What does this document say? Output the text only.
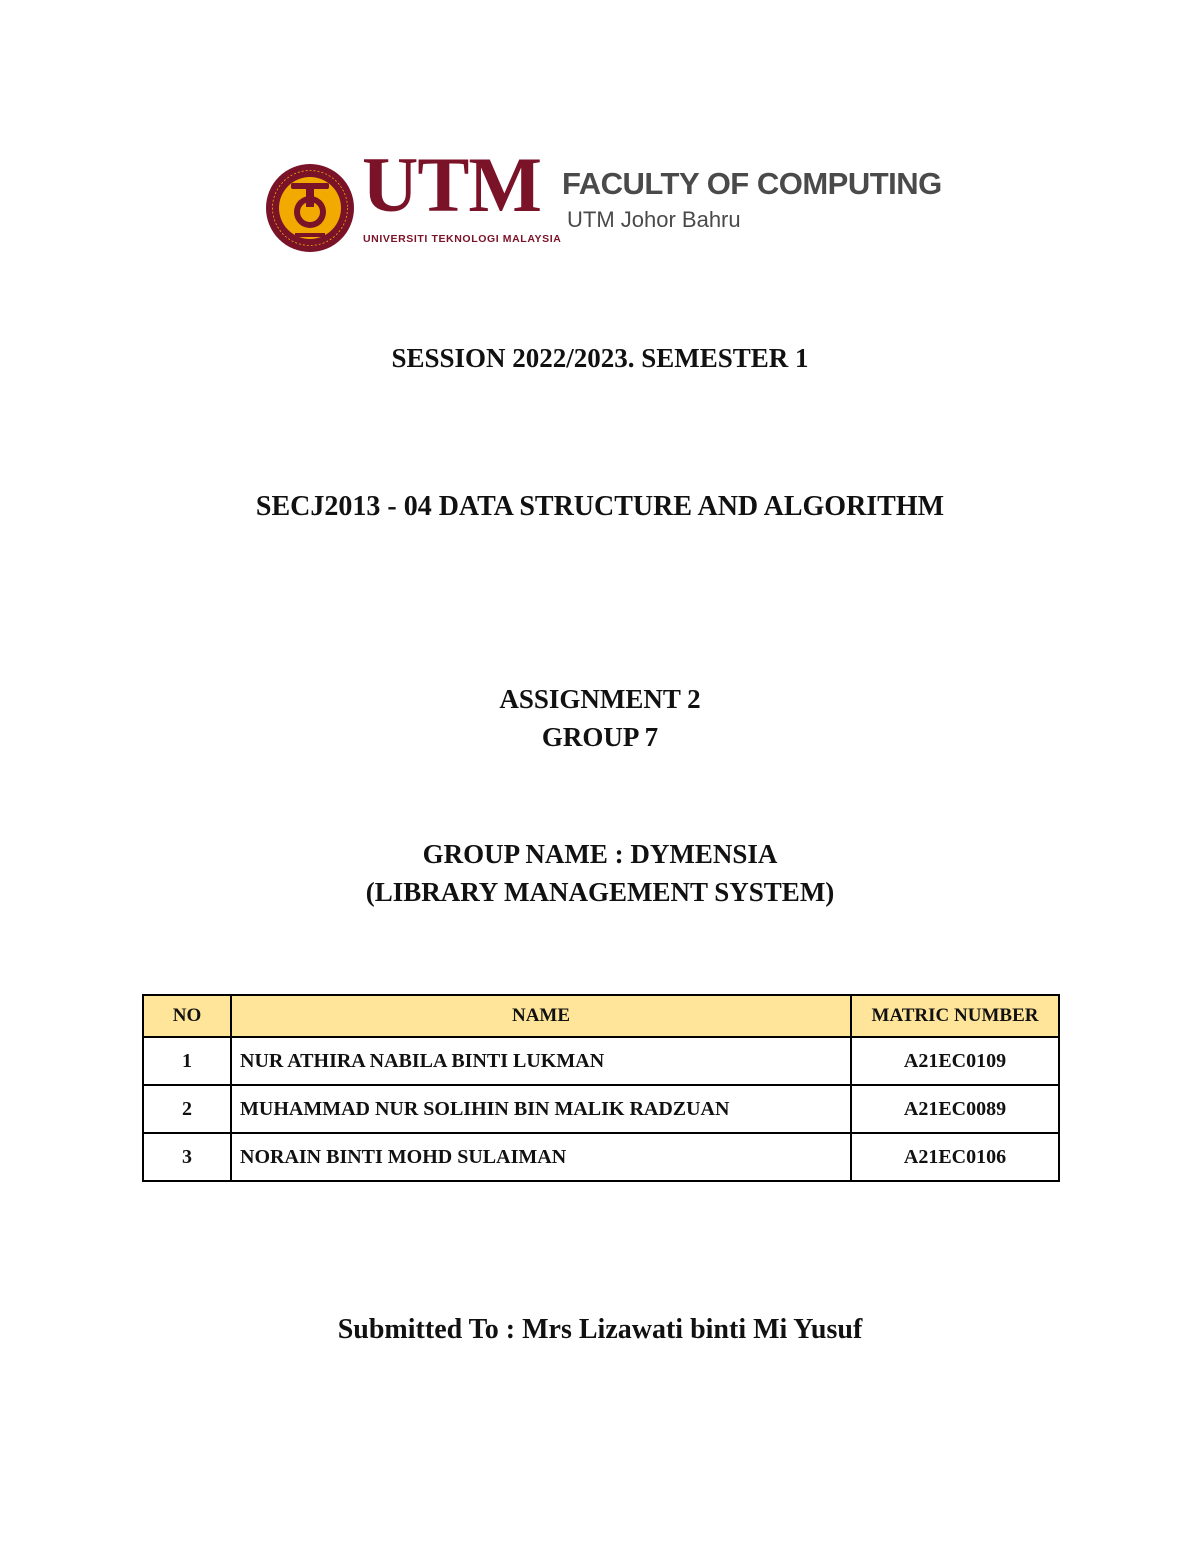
UTM
UNIVERSITI TEKNOLOGI MALAYSIA
FACULTY OF COMPUTING
UTM Johor Bahru
SESSION 2022/2023. SEMESTER 1
SECJ2013 - 04 DATA STRUCTURE AND ALGORITHM
ASSIGNMENT 2
GROUP 7
GROUP NAME : DYMENSIA
(LIBRARY MANAGEMENT SYSTEM)
NO	NAME	MATRIC NUMBER
1	NUR ATHIRA NABILA BINTI LUKMAN	A21EC0109
2	MUHAMMAD NUR SOLIHIN BIN MALIK RADZUAN	A21EC0089
3	NORAIN BINTI MOHD SULAIMAN	A21EC0106
Submitted To : Mrs Lizawati binti Mi Yusuf
